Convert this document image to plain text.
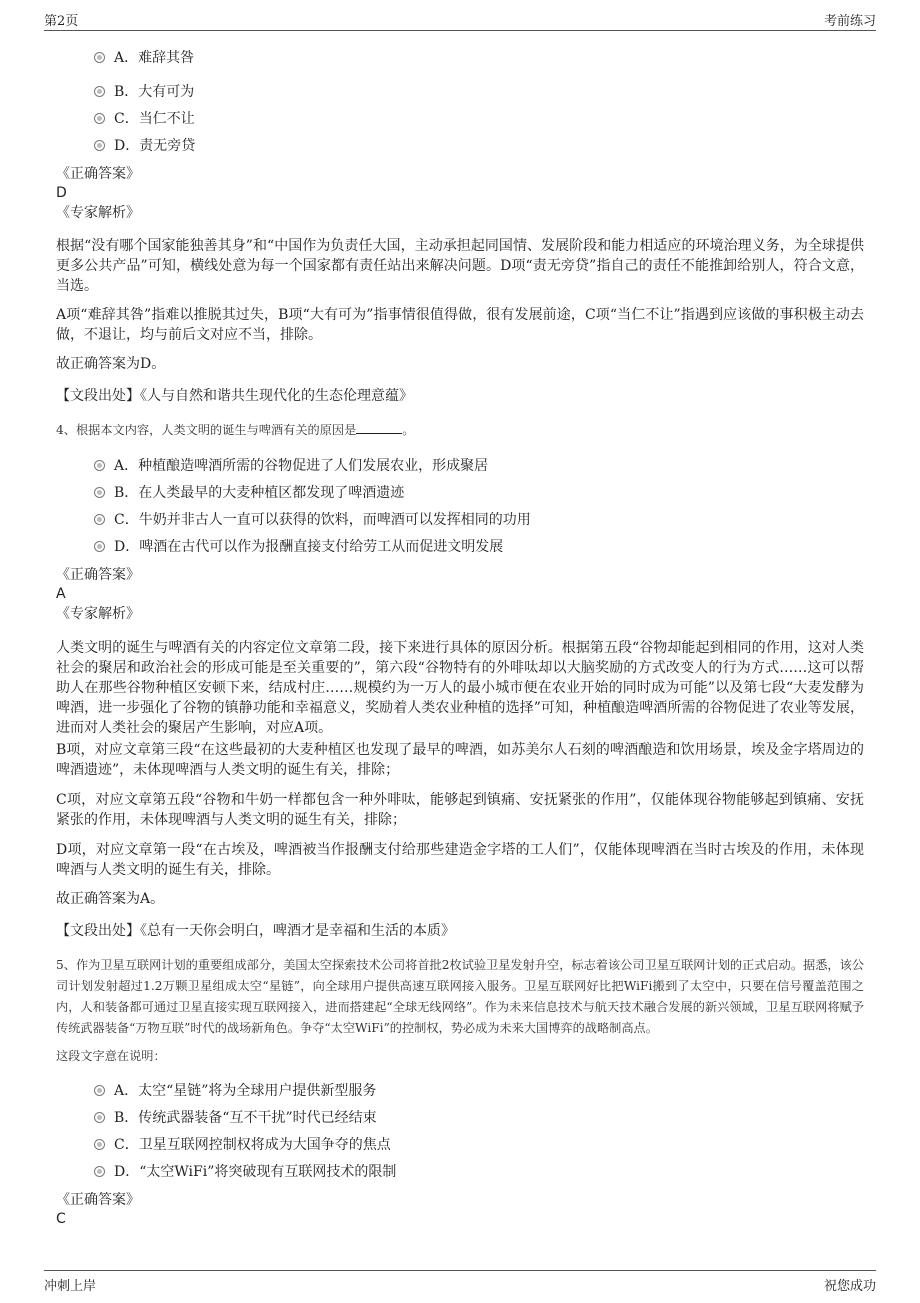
第2页	考前练习
A．难辞其咎
B．大有可为
C．当仁不让
D．责无旁贷
《正确答案》
D
《专家解析》
根据“没有哪个国家能独善其身”和“中国作为负责任大国，主动承担起同国情、发展阶段和能力相适应的环境治理义务，为全球提供更多公共产品”可知，横线处意为每一个国家都有责任站出来解决问题。D项“责无旁贷”指自己的责任不能推卸给别人，符合文意，当选。
A项“难辞其咎”指难以推脱其过失，B项“大有可为”指事情很值得做，很有发展前途，C项“当仁不让”指遇到应该做的事积极主动去做，不退让，均与前后文对应不当，排除。
故正确答案为D。
【文段出处】《人与自然和谐共生现代化的生态伦理意蕴》
4、根据本文内容，人类文明的诞生与啤酒有关的原因是	。
A．种植酿造啤酒所需的谷物促进了人们发展农业，形成聚居
B．在人类最早的大麦种植区都发现了啤酒遗迹
C．牛奶并非古人一直可以获得的饮料，而啤酒可以发挥相同的功用
D．啤酒在古代可以作为报酬直接支付给劳工从而促进文明发展
《正确答案》
A
《专家解析》
人类文明的诞生与啤酒有关的内容定位文章第二段，接下来进行具体的原因分析。根据第五段“谷物却能起到相同的作用，这对人类社会的聚居和政治社会的形成可能是至关重要的”，第六段“谷物特有的外啡呔却以大脑奖励的方式改变人的行为方式……这可以帮助人在那些谷物种植区安顿下来，结成村庄……规模约为一万人的最小城市便在农业开始的同时成为可能”以及第七段“大麦发酵为啤酒，进一步强化了谷物的镇静功能和幸福意义，奖励着人类农业种植的选择”可知，种植酿造啤酒所需的谷物促进了农业等发展，进而对人类社会的聚居产生影响，对应A项。
B项，对应文章第三段“在这些最初的大麦种植区也发现了最早的啤酒，如苏美尔人石刻的啤酒酿造和饮用场景，埃及金字塔周边的啤酒遗迹”，未体现啤酒与人类文明的诞生有关，排除；
C项，对应文章第五段“谷物和牛奶一样都包含一种外啡呔，能够起到镇痛、安抚紧张的作用”，仅能体现谷物能够起到镇痛、安抚紧张的作用，未体现啤酒与人类文明的诞生有关，排除；
D项，对应文章第一段“在古埃及，啤酒被当作报酬支付给那些建造金字塔的工人们”，仅能体现啤酒在当时古埃及的作用，未体现啤酒与人类文明的诞生有关，排除。
故正确答案为A。
【文段出处】《总有一天你会明白，啤酒才是幸福和生活的本质》
5、作为卫星互联网计划的重要组成部分，美国太空探索技术公司将首批2枚试验卫星发射升空，标志着该公司卫星互联网计划的正式启动。据悉，该公司计划发射超过1.2万颗卫星组成太空“星链”，向全球用户提供高速互联网接入服务。卫星互联网好比把WiFi搬到了太空中，只要在信号覆盖范围之内，人和装备都可通过卫星直接实现互联网接入，进而搭建起“全球无线网络”。作为未来信息技术与航天技术融合发展的新兴领域，卫星互联网将赋予传统武器装备“万物互联”时代的战场新角色。争夺“太空WiFi”的控制权，势必成为未来大国博弈的战略制高点。
这段文字意在说明：
A．太空“星链”将为全球用户提供新型服务
B．传统武器装备“互不干扰”时代已经结束
C．卫星互联网控制权将成为大国争夺的焦点
D．“太空WiFi”将突破现有互联网技术的限制
《正确答案》
C
冲刺上岸	祝您成功
